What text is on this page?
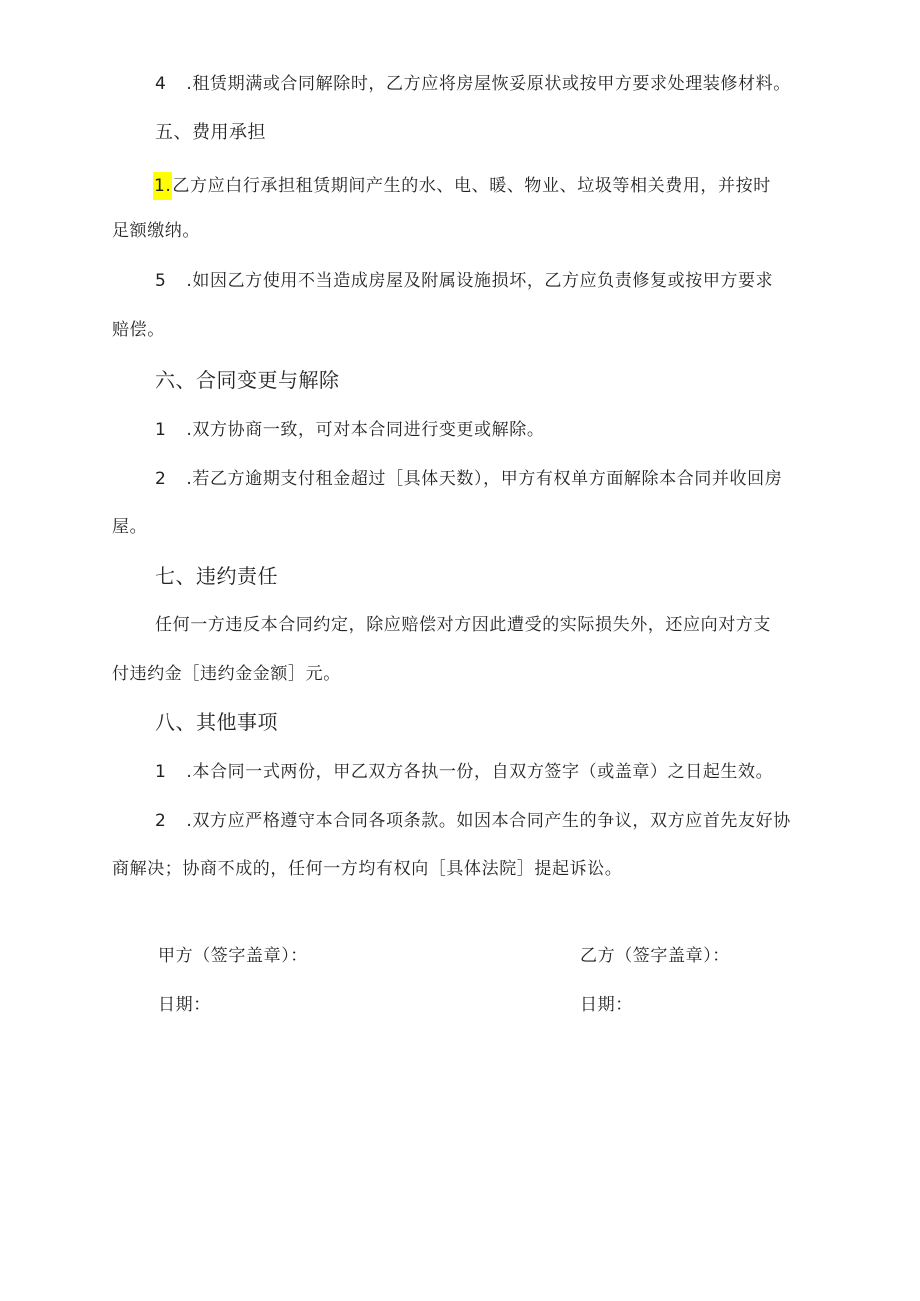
4 .租赁期满或合同解除时，乙方应将房屋恢妥原状或按甲方要求处理装修材料。
五、费用承担
1.乙方应白行承担租赁期间产生的水、电、暖、物业、垃圾等相关费用，并按时
足额缴纳。
5 .如因乙方使用不当造成房屋及附属设施损坏，乙方应负责修复或按甲方要求
赔偿。
六、合同变更与解除
1 .双方协商一致，可对本合同进行变更或解除。
2 .若乙方逾期支付租金超过［具体天数），甲方有权单方面解除本合同并收回房
屋。
七、违约责任
任何一方违反本合同约定，除应赔偿对方因此遭受的实际损失外，还应向对方支
付违约金［违约金金额］元。
八、其他事项
1 .本合同一式两份，甲乙双方各执一份，自双方签字（或盖章）之日起生效。
2 .双方应严格遵守本合同各项条款。如因本合同产生的争议，双方应首先友好协
商解决；协商不成的，任何一方均有权向［具体法院］提起诉讼。
甲方（签字盖章）：	乙方（签字盖章）：
日期：	日期：
